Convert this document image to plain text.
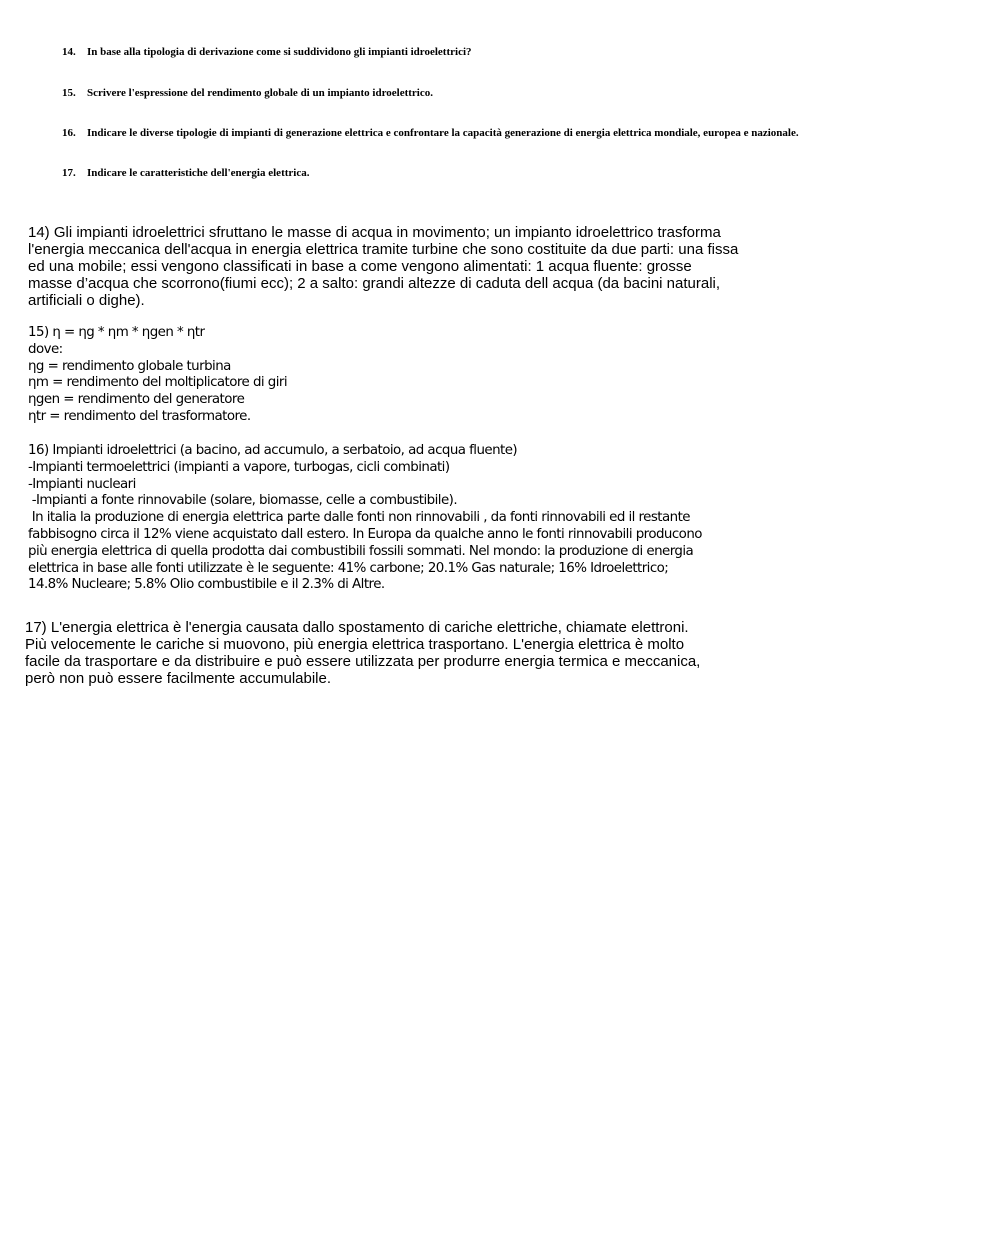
14. In base alla tipologia di derivazione come si suddividono gli impianti idroelettrici?
15. Scrivere l'espressione del rendimento globale di un impianto idroelettrico.
16. Indicare le diverse tipologie di impianti di generazione elettrica e confrontare la capacità generazione di energia elettrica mondiale, europea e nazionale.
17. Indicare le caratteristiche dell'energia elettrica.
14) Gli impianti idroelettrici sfruttano le masse di acqua in movimento; un impianto idroelettrico trasforma
l'energia meccanica dell'acqua in energia elettrica tramite turbine che sono costituite da due parti: una fissa
ed una mobile; essi vengono classificati in base a come vengono alimentati: 1 acqua fluente: grosse
masse d’acqua che scorrono(fiumi ecc); 2 a salto: grandi altezze di caduta dell acqua (da bacini naturali,
artificiali o dighe).
15) η = ηg * ηm * ηgen * ηtr
dove:
ηg = rendimento globale turbina
ηm = rendimento del moltiplicatore di giri
ηgen = rendimento del generatore
ηtr = rendimento del trasformatore.
16) Impianti idroelettrici (a bacino, ad accumulo, a serbatoio, ad acqua fluente)
-Impianti termoelettrici (impianti a vapore, turbogas, cicli combinati)
-Impianti nucleari
-Impianti a fonte rinnovabile (solare, biomasse, celle a combustibile).
In italia la produzione di energia elettrica parte dalle fonti non rinnovabili , da fonti rinnovabili ed il restante
fabbisogno circa il 12% viene acquistato dall estero. In Europa da qualche anno le fonti rinnovabili producono
più energia elettrica di quella prodotta dai combustibili fossili sommati. Nel mondo: la produzione di energia
elettrica in base alle fonti utilizzate è le seguente: 41% carbone; 20.1% Gas naturale; 16% Idroelettrico;
14.8% Nucleare; 5.8% Olio combustibile e il 2.3% di Altre.
17) L'energia elettrica è l'energia causata dallo spostamento di cariche elettriche, chiamate elettroni.
Più velocemente le cariche si muovono, più energia elettrica trasportano. L'energia elettrica è molto
facile da trasportare e da distribuire e può essere utilizzata per produrre energia termica e meccanica,
però non può essere facilmente accumulabile.
